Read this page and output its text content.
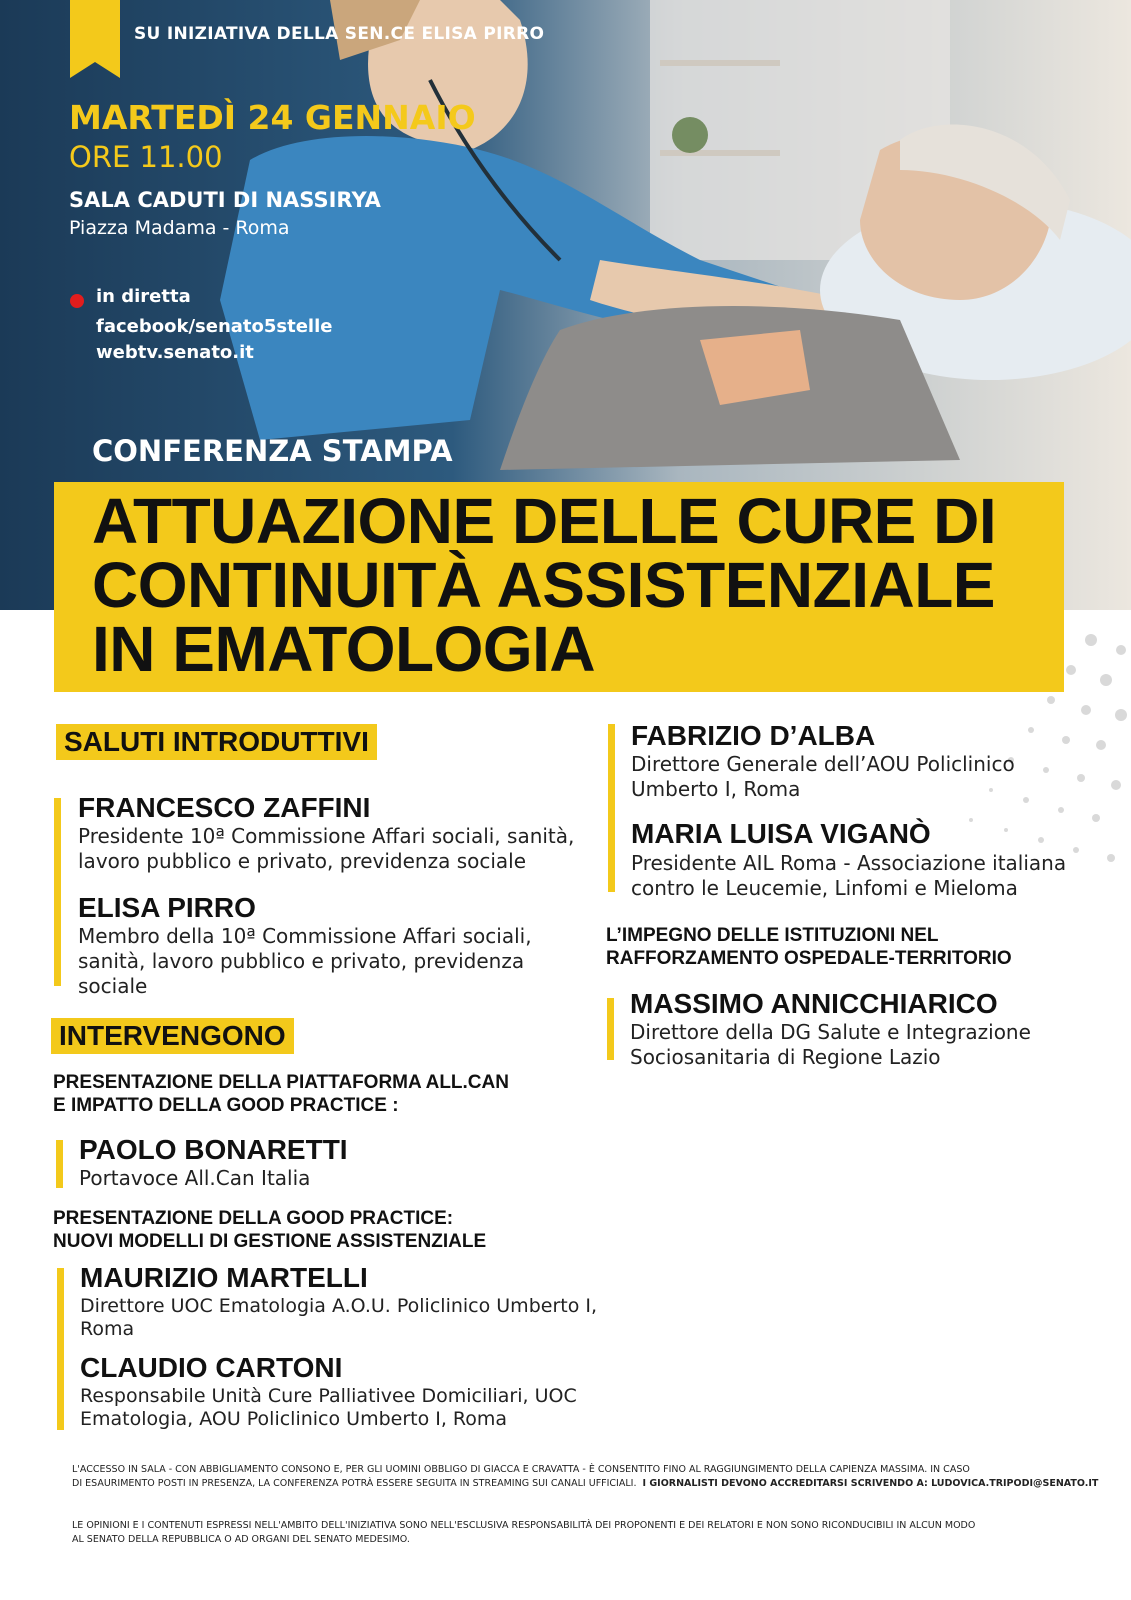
SU INIZIATIVA DELLA SEN.CE ELISA PIRRO
MARTEDÌ 24 GENNAIO
ORE 11.00
SALA CADUTI DI NASSIRYA
Piazza Madama - Roma
in diretta
facebook/senato5stelle
webtv.senato.it
CONFERENZA STAMPA
ATTUAZIONE DELLE CURE DI
CONTINUITÀ ASSISTENZIALE
IN EMATOLOGIA
SALUTI INTRODUTTIVI
FRANCESCO ZAFFINI
Presidente 10ª Commissione Affari sociali, sanità,
lavoro pubblico e privato, previdenza sociale
ELISA PIRRO
Membro della 10ª Commissione Affari sociali,
sanità, lavoro pubblico e privato, previdenza
sociale
INTERVENGONO
PRESENTAZIONE DELLA PIATTAFORMA ALL.CAN
E IMPATTO DELLA GOOD PRACTICE :
PAOLO BONARETTI
Portavoce All.Can Italia
PRESENTAZIONE DELLA GOOD PRACTICE:
NUOVI MODELLI DI GESTIONE ASSISTENZIALE
MAURIZIO MARTELLI
Direttore UOC Ematologia A.O.U. Policlinico Umberto I,
Roma
CLAUDIO CARTONI
Responsabile Unità Cure Palliativee Domiciliari, UOC
Ematologia, AOU Policlinico Umberto I, Roma
FABRIZIO D’ALBA
Direttore Generale dell’AOU Policlinico
Umberto I, Roma
MARIA LUISA VIGANÒ
Presidente AIL Roma - Associazione italiana
contro le Leucemie, Linfomi e Mieloma
L’IMPEGNO DELLE ISTITUZIONI NEL
RAFFORZAMENTO OSPEDALE-TERRITORIO
MASSIMO ANNICCHIARICO
Direttore della DG Salute e Integrazione
Sociosanitaria di Regione Lazio
L'ACCESSO IN SALA - CON ABBIGLIAMENTO CONSONO E, PER GLI UOMINI OBBLIGO DI GIACCA E CRAVATTA - È CONSENTITO FINO AL RAGGIUNGIMENTO DELLA CAPIENZA MASSIMA. IN CASO
DI ESAURIMENTO POSTI IN PRESENZA, LA CONFERENZA POTRÀ ESSERE SEGUITA IN STREAMING SUI CANALI UFFICIALI. I GIORNALISTI DEVONO ACCREDITARSI SCRIVENDO A: LUDOVICA.TRIPODI@SENATO.IT
LE OPINIONI E I CONTENUTI ESPRESSI NELL'AMBITO DELL'INIZIATIVA SONO NELL'ESCLUSIVA RESPONSABILITÀ DEI PROPONENTI E DEI RELATORI E NON SONO RICONDUCIBILI IN ALCUN MODO
AL SENATO DELLA REPUBBLICA O AD ORGANI DEL SENATO MEDESIMO.
